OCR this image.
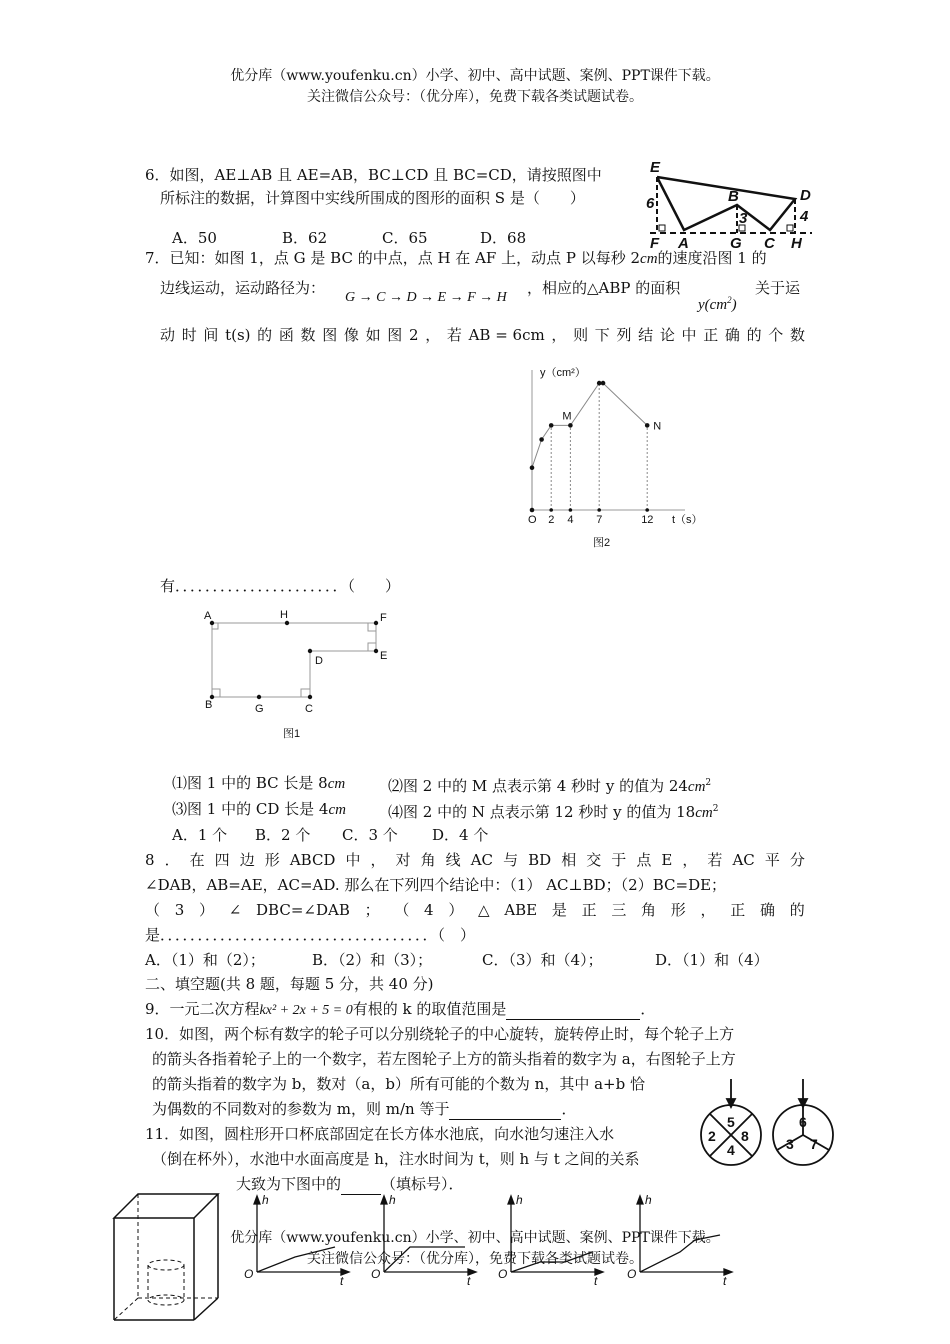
优分库（www.youfenku.cn）小学、初中、高中试题、案例、PPT课件下载。
关注微信公众号：（优分库），免费下载各类试题试卷。
6．如图，AE⊥AB 且 AE=AB，BC⊥CD 且 BC=CD，请按照图中
所标注的数据，计算图中实线所围成的图形的面积 S 是（　　）
A．50	B．62	C．65	D．68
E
B	D
F A	G C H
6
3	4
7．已知：如图 1，点 G 是 BC 的中点，点 H 在 AF 上，动点 P 以每秒 2cm的速度沿图 1 的
边线运动，运动路径为：
G → C → D → E → F → H
，相应的△ABP 的面积
$y(cm^2)$
关于运
动 时 间 t(s) 的 函 数 图 像 如 图 2 ， 若 AB = 6cm ， 则 下 列 结 论 中 正 确 的 个 数
y（cm²）
t（s）
O 2 4 7	12
M
N
图2
有．．．．．．．．．．．．．．．．．．．．．．（　　）
A	H	F
D	E
B	G	C
图1
⑴图 1 中的 BC 长是 8cm	⑵图 2 中的 M 点表示第 4 秒时 y 的值为 $24cm^2$
⑶图 1 中的 CD 长是 4cm	⑷图 2 中的 N 点表示第 12 秒时 y 的值为 $18cm^2$
A．1 个 B．2 个 C．3 个 D．4 个
8 ． 在 四 边 形 ABCD 中 ， 对 角 线 AC 与 BD 相 交 于 点 E ， 若 AC 平 分
∠DAB，AB=AE，AC=AD. 那么在下列四个结论中：（1） AC⊥BD；（2）BC=DE；
（ 3 ） ∠ DBC=∠DAB ； （ 4 ） △ ABE 是 正 三 角 形 ， 正 确 的
是．．．．．．．．．．．．．．．．．．．．．．．．．．．．．．．．．．．．（　）
A．（1）和（2）；	B．（2）和（3）；	C．（3）和（4）；	D．（1）和（4）
二、填空题(共 8 题，每题 5 分，共 40 分)
9．一元二次方程kx² + 2x + 5 = 0有根的 k 的取值范围是	．
10．如图，两个标有数字的轮子可以分别绕轮子的中心旋转，旋转停止时，每个轮子上方
的箭头各指着轮子上的一个数字，若左图轮子上方的箭头指着的数字为 a，右图轮子上方
的箭头指着的数字为 b，数对（a，b）所有可能的个数为 n，其中 a+b 恰
为偶数的不同数对的参数为 m，则 m/n 等于	．
5
2 8
4
6
3 7
11．如图，圆柱形开口杯底部固定在长方体水池底，向水池匀速注入水
（倒在杯外），水池中水面高度是 h，注水时间为 t，则 h 与 t 之间的关系
大致为下图中的	（填标号）．
h
t
O
h
t
O
h
t
O
h
t
O
优分库（www.youfenku.cn）小学、初中、高中试题、案例、PPT课件下载。
关注微信公众号：（优分库），免费下载各类试题试卷。
